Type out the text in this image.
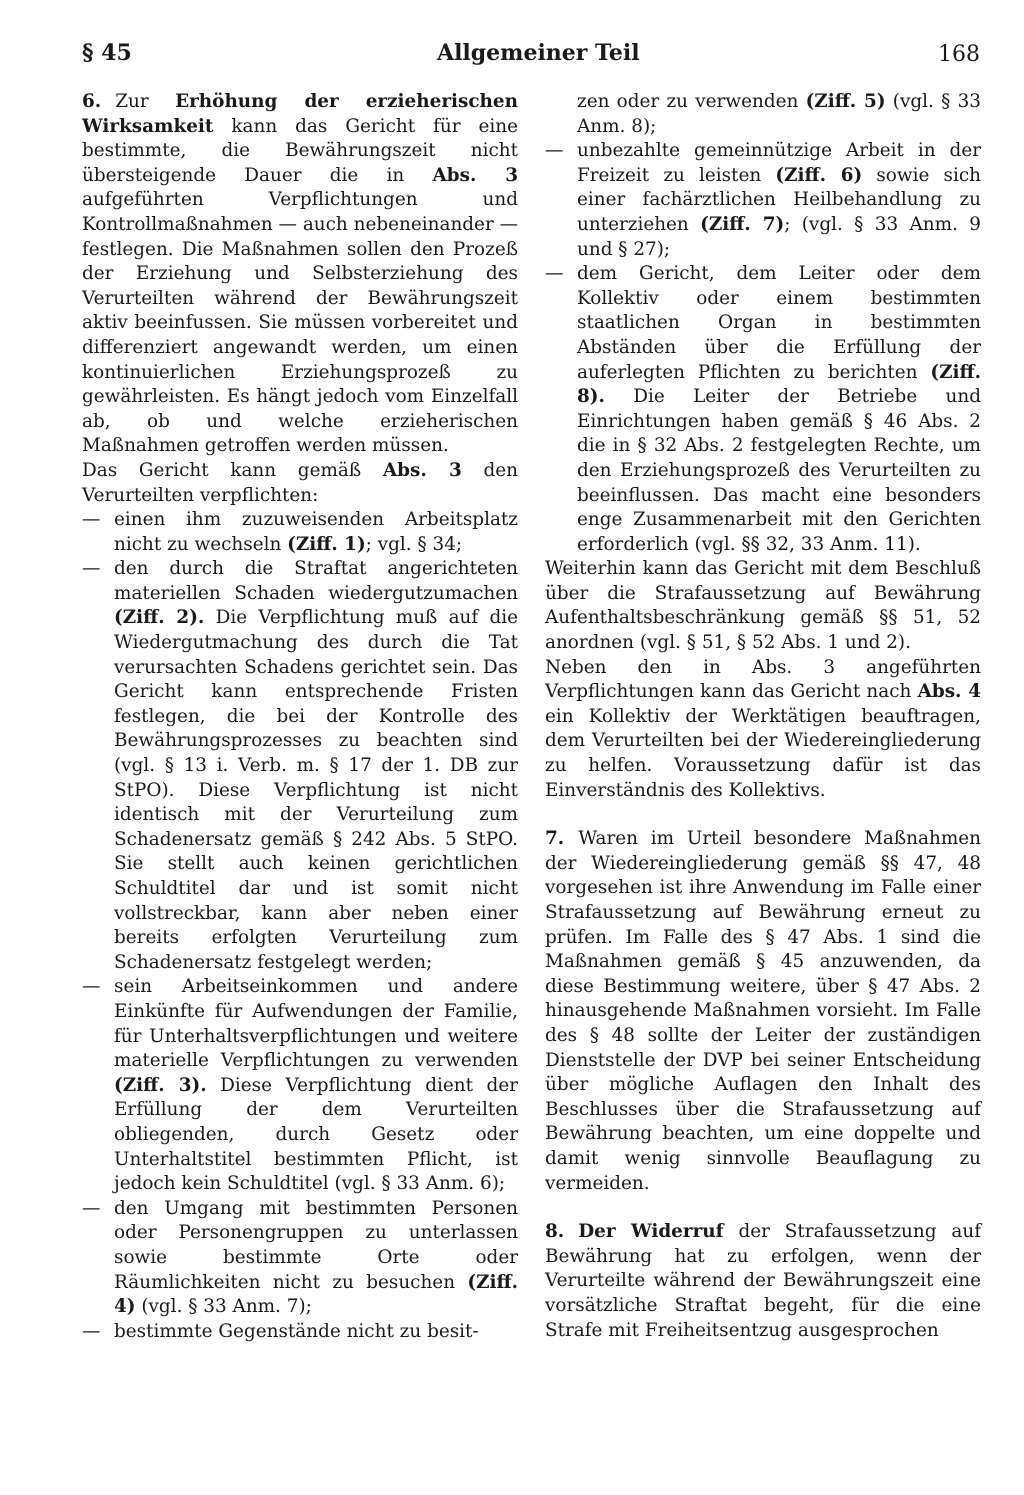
§ 45	Allgemeiner Teil	168

6. Zur Erhöhung der erzieherischen Wirksamkeit kann das Gericht für eine bestimmte, die Bewährungszeit nicht übersteigende Dauer die in Abs. 3 aufgeführten Verpflichtungen und Kontrollmaßnahmen — auch nebeneinander — festlegen. Die Maßnahmen sollen den Prozeß der Erziehung und Selbsterziehung des Verurteilten während der Bewährungszeit aktiv beeinfussen. Sie müssen vorbereitet und differenziert angewandt werden, um einen kontinuierlichen Erziehungsprozeß zu gewährleisten. Es hängt jedoch vom Einzelfall ab, ob und welche erzieherischen Maßnahmen getroffen werden müssen.

Das Gericht kann gemäß Abs. 3 den Verurteilten verpflichten:

— einen ihm zuzuweisenden Arbeitsplatz nicht zu wechseln (Ziff. 1); vgl. § 34;
— den durch die Straftat angerichteten materiellen Schaden wiedergutzumachen (Ziff. 2). Die Verpflichtung muß auf die Wiedergutmachung des durch die Tat verursachten Schadens gerichtet sein. Das Gericht kann entsprechende Fristen festlegen, die bei der Kontrolle des Bewährungsprozesses zu beachten sind (vgl. § 13 i. Verb. m. § 17 der 1. DB zur StPO). Diese Verpflichtung ist nicht identisch mit der Verurteilung zum Schadenersatz gemäß § 242 Abs. 5 StPO. Sie stellt auch keinen gerichtlichen Schuldtitel dar und ist somit nicht vollstreckbar, kann aber neben einer bereits erfolgten Verurteilung zum Schadenersatz festgelegt werden;
— sein Arbeitseinkommen und andere Einkünfte für Aufwendungen der Familie, für Unterhaltsverpflichtungen und weitere materielle Verpflichtungen zu verwenden (Ziff. 3). Diese Verpflichtung dient der Erfüllung der dem Verurteilten obliegenden, durch Gesetz oder Unterhaltstitel bestimmten Pflicht, ist jedoch kein Schuldtitel (vgl. § 33 Anm. 6);
— den Umgang mit bestimmten Personen oder Personengruppen zu unterlassen sowie bestimmte Orte oder Räumlichkeiten nicht zu besuchen (Ziff. 4) (vgl. § 33 Anm. 7);
— bestimmte Gegenstände nicht zu besit-

zen oder zu verwenden (Ziff. 5) (vgl. § 33 Anm. 8);

— unbezahlte gemeinnützige Arbeit in der Freizeit zu leisten (Ziff. 6) sowie sich einer fachärztlichen Heilbehandlung zu unterziehen (Ziff. 7); (vgl. § 33 Anm. 9 und § 27);
— dem Gericht, dem Leiter oder dem Kollektiv oder einem bestimmten staatlichen Organ in bestimmten Abständen über die Erfüllung der auferlegten Pflichten zu berichten (Ziff. 8). Die Leiter der Betriebe und Einrichtungen haben gemäß § 46 Abs. 2 die in § 32 Abs. 2 festgelegten Rechte, um den Erziehungsprozeß des Verurteilten zu beeinflussen. Das macht eine besonders enge Zusammenarbeit mit den Gerichten erforderlich (vgl. §§ 32, 33 Anm. 11).

Weiterhin kann das Gericht mit dem Beschluß über die Strafaussetzung auf Bewährung Aufenthaltsbeschränkung gemäß §§ 51, 52 anordnen (vgl. § 51, § 52 Abs. 1 und 2).

Neben den in Abs. 3 angeführten Verpflichtungen kann das Gericht nach Abs. 4 ein Kollektiv der Werktätigen beauftragen, dem Verurteilten bei der Wiedereingliederung zu helfen. Voraussetzung dafür ist das Einverständnis des Kollektivs.

7. Waren im Urteil besondere Maßnahmen der Wiedereingliederung gemäß §§ 47, 48 vorgesehen ist ihre Anwendung im Falle einer Strafaussetzung auf Bewährung erneut zu prüfen. Im Falle des § 47 Abs. 1 sind die Maßnahmen gemäß § 45 anzuwenden, da diese Bestimmung weitere, über § 47 Abs. 2 hinausgehende Maßnahmen vorsieht. Im Falle des § 48 sollte der Leiter der zuständigen Dienststelle der DVP bei seiner Entscheidung über mögliche Auflagen den Inhalt des Beschlusses über die Strafaussetzung auf Bewährung beachten, um eine doppelte und damit wenig sinnvolle Beauflagung zu vermeiden.

8. Der Widerruf der Strafaussetzung auf Bewährung hat zu erfolgen, wenn der Verurteilte während der Bewährungszeit eine vorsätzliche Straftat begeht, für die eine Strafe mit Freiheitsentzug ausgesprochen
